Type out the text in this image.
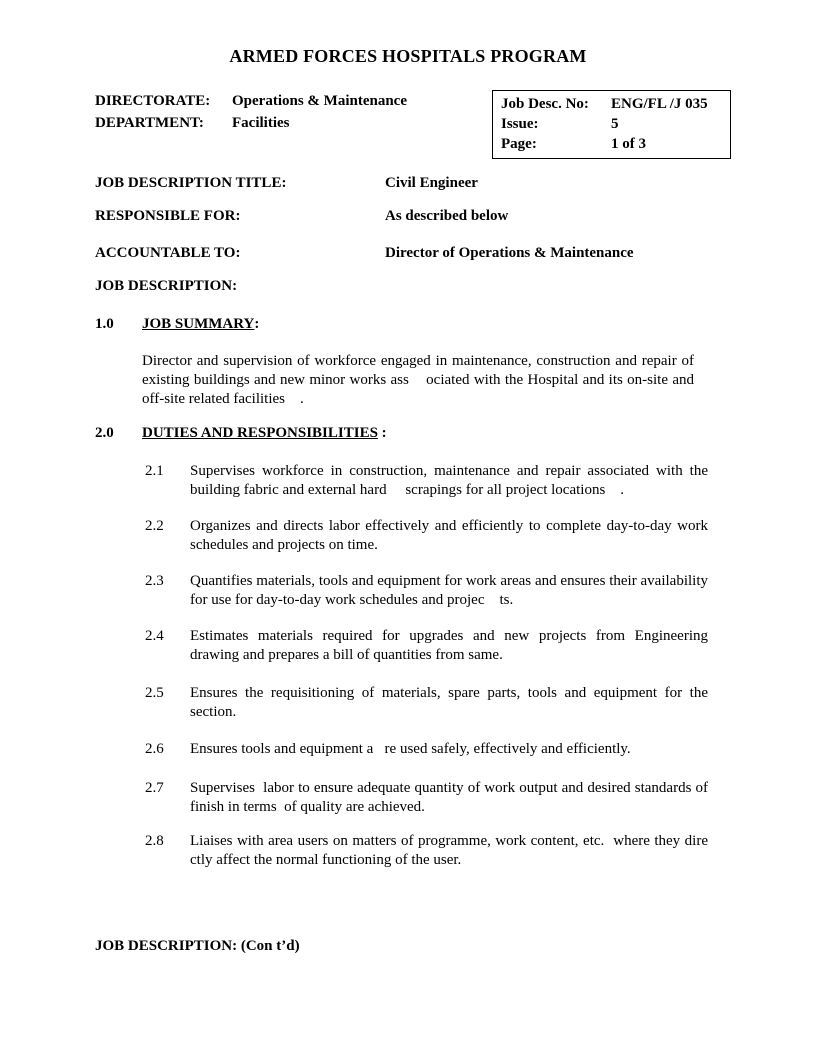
ARMED FORCES HOSPITALS PROGRAM
DIRECTORATE:	Operations & Maintenance
DEPARTMENT:	Facilities
Job Desc. No:	ENG/FL /J 035
Issue:	5
Page:	1 of 3
JOB DESCRIPTION TITLE:	Civil Engineer
RESPONSIBLE FOR:	As described below
ACCOUNTABLE TO:	Director of Operations & Maintenance
JOB DESCRIPTION:
1.0	JOB SUMMARY :
Director and supervision of workforce engaged in maintenance, construction and repair of existing buildings and new minor works ass    ociated with the Hospital and its on-site and off-site related facilities    .
2.0	DUTIES AND RESPONSIBILITIES :
2.1	Supervises workforce in construction, maintenance and repair associated with the building fabric and external hard     scrapings for all project locations    .
2.2	Organizes and directs labor effectively and efficiently to complete day-to-day work schedules and projects on time.
2.3	Quantifies materials, tools and equipment for work areas and ensures their availability for use for day-to-day work schedules and projec    ts.
2.4	Estimates materials required for upgrades and new projects from Engineering drawing and prepares a bill of quantities from same.
2.5	Ensures the requisitioning of materials, spare parts, tools and equipment for the section.
2.6	Ensures tools and equipment a   re used safely, effectively and efficiently.
2.7	Supervises  labor to ensure adequate quantity of work output and desired standards of finish in terms  of quality are achieved.
2.8	Liaises with area users on matters of programme, work content, etc.  where they dire ctly affect the normal functioning of the user.
JOB DESCRIPTION: (Con t’d)
